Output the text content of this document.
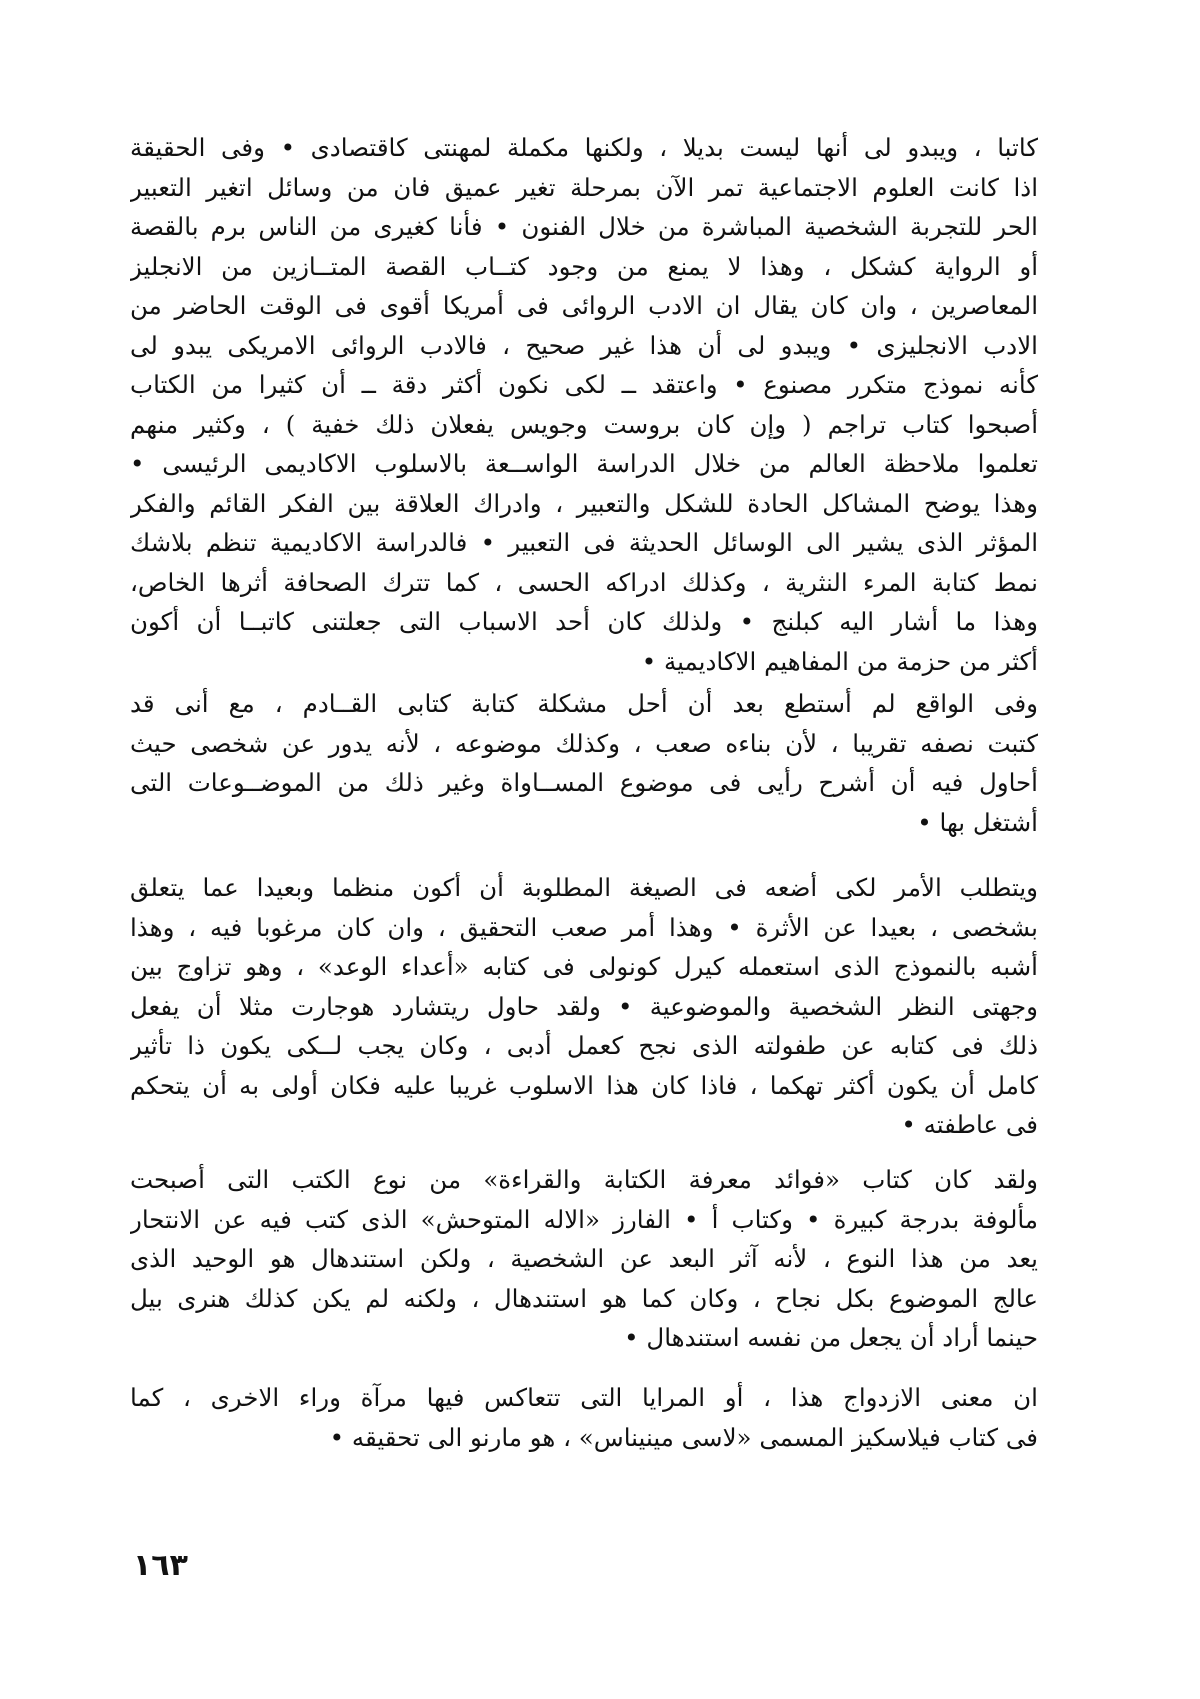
كاتبا ، ويبدو لى أنها ليست بديلا ، ولكنها مكملة لمهنتى كاقتصادى • وفى الحقيقة
اذا كانت العلوم الاجتماعية تمر الآن بمرحلة تغير عميق فان من وسائل اتغير التعبير
الحر للتجربة الشخصية المباشرة من خلال الفنون • فأنا كغيرى من الناس برم بالقصة
أو الرواية كشكل ، وهذا لا يمنع من وجود كتــاب القصة المتــازين من الانجليز
المعاصرين ، وان كان يقال ان الادب الروائى فى أمريكا أقوى فى الوقت الحاضر من
الادب الانجليزى • ويبدو لى أن هذا غير صحيح ، فالادب الروائى الامريكى يبدو لى
كأنه نموذج متكرر مصنوع • واعتقد ــ لكى نكون أكثر دقة ــ أن كثيرا من الكتاب
أصبحوا كتاب تراجم ( وإن كان بروست وجويس يفعلان ذلك خفية ) ، وكثير منهم
تعلموا ملاحظة العالم من خلال الدراسة الواســعة بالاسلوب الاكاديمى الرئيسى •
وهذا يوضح المشاكل الحادة للشكل والتعبير ، وادراك العلاقة بين الفكر القائم والفكر
المؤثر الذى يشير الى الوسائل الحديثة فى التعبير • فالدراسة الاكاديمية تنظم بلاشك
نمط كتابة المرء النثرية ، وكذلك ادراكه الحسى ، كما تترك الصحافة أثرها الخاص،
وهذا ما أشار اليه كبلنج • ولذلك كان أحد الاسباب التى جعلتنى كاتبــا أن أكون
أكثر من حزمة من المفاهيم الاكاديمية •
وفى الواقع لم أستطع بعد أن أحل مشكلة كتابة كتابى القــادم ، مع أنى قد
كتبت نصفه تقريبا ، لأن بناءه صعب ، وكذلك موضوعه ، لأنه يدور عن شخصى حيث
أحاول فيه أن أشرح رأيى فى موضوع المســاواة وغير ذلك من الموضــوعات التى
أشتغل بها •
ويتطلب الأمر لكى أضعه فى الصيغة المطلوبة أن أكون منظما وبعيدا عما يتعلق
بشخصى ، بعيدا عن الأثرة • وهذا أمر صعب التحقيق ، وان كان مرغوبا فيه ، وهذا
أشبه بالنموذج الذى استعمله كيرل كونولى فى كتابه «أعداء الوعد» ، وهو تزاوج بين
وجهتى النظر الشخصية والموضوعية • ولقد حاول ريتشارد هوجارت مثلا أن يفعل
ذلك فى كتابه عن طفولته الذى نجح كعمل أدبى ، وكان يجب لــكى يكون ذا تأثير
كامل أن يكون أكثر تهكما ، فاذا كان هذا الاسلوب غريبا عليه فكان أولى به أن يتحكم
فى عاطفته •
ولقد كان كتاب «فوائد معرفة الكتابة والقراءة» من نوع الكتب التى أصبحت
مألوفة بدرجة كبيرة • وكتاب أ • الفارز «الاله المتوحش» الذى كتب فيه عن الانتحار
يعد من هذا النوع ، لأنه آثر البعد عن الشخصية ، ولكن استندهال هو الوحيد الذى
عالج الموضوع بكل نجاح ، وكان كما هو استندهال ، ولكنه لم يكن كذلك هنرى بيل
حينما أراد أن يجعل من نفسه استندهال •
ان معنى الازدواج هذا ، أو المرايا التى تتعاكس فيها مرآة وراء الاخرى ، كما
فى كتاب فيلاسكيز المسمى «لاسى مينيناس» ، هو مارنو الى تحقيقه •
١٦٣
